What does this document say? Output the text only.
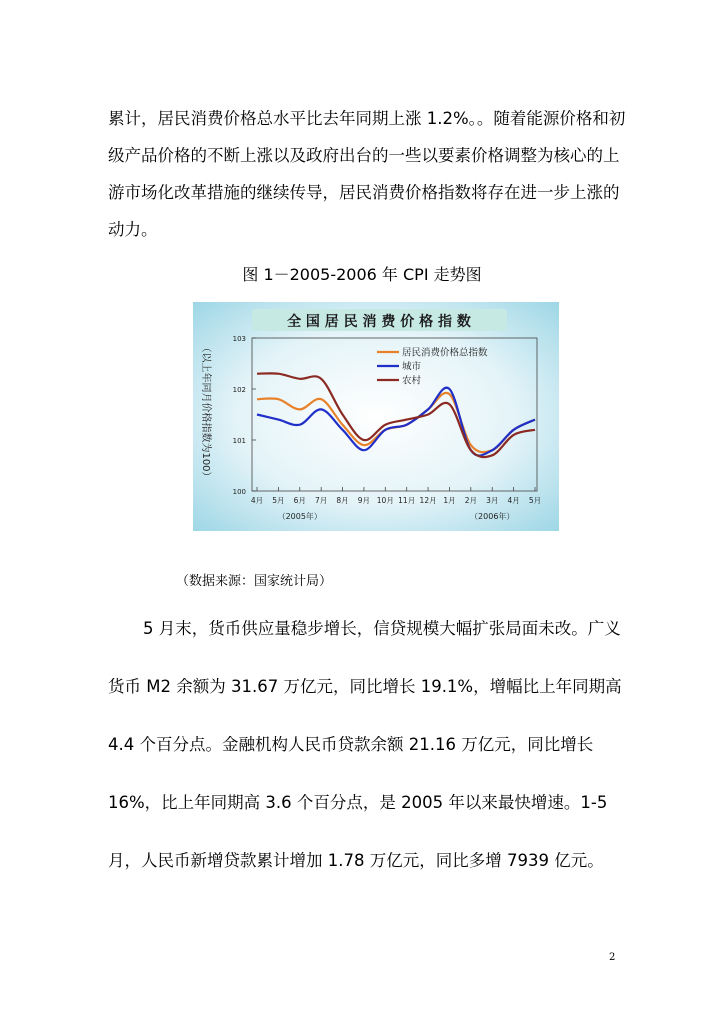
累计，居民消费价格总水平比去年同期上涨 1.2%。。随着能源价格和初级产品价格的不断上涨以及政府出台的一些以要素价格调整为核心的上游市场化改革措施的继续传导，居民消费价格指数将存在进一步上涨的动力。

图 1－2005-2006 年 CPI 走势图
全 国 居 民 消 费 价 格 指 数
（以上年同月价格指数为100）
100
101
102
103
4月 5月 6月 7月 8月 9月 10月 11月 12月 1月 2月 3月 4月 5月
（2005年）	（2006年）
居民消费价格总指数
城市
农村
（数据来源：国家统计局）

5 月末，货币供应量稳步增长，信贷规模大幅扩张局面未改。广义货币 M2 余额为 31.67 万亿元，同比增长 19.1%，增幅比上年同期高 4.4 个百分点。金融机构人民币贷款余额 21.16 万亿元，同比增长 16%，比上年同期高 3.6 个百分点，是 2005 年以来最快增速。1-5 月，人民币新增贷款累计增加 1.78 万亿元，同比多增 7939 亿元。

2
